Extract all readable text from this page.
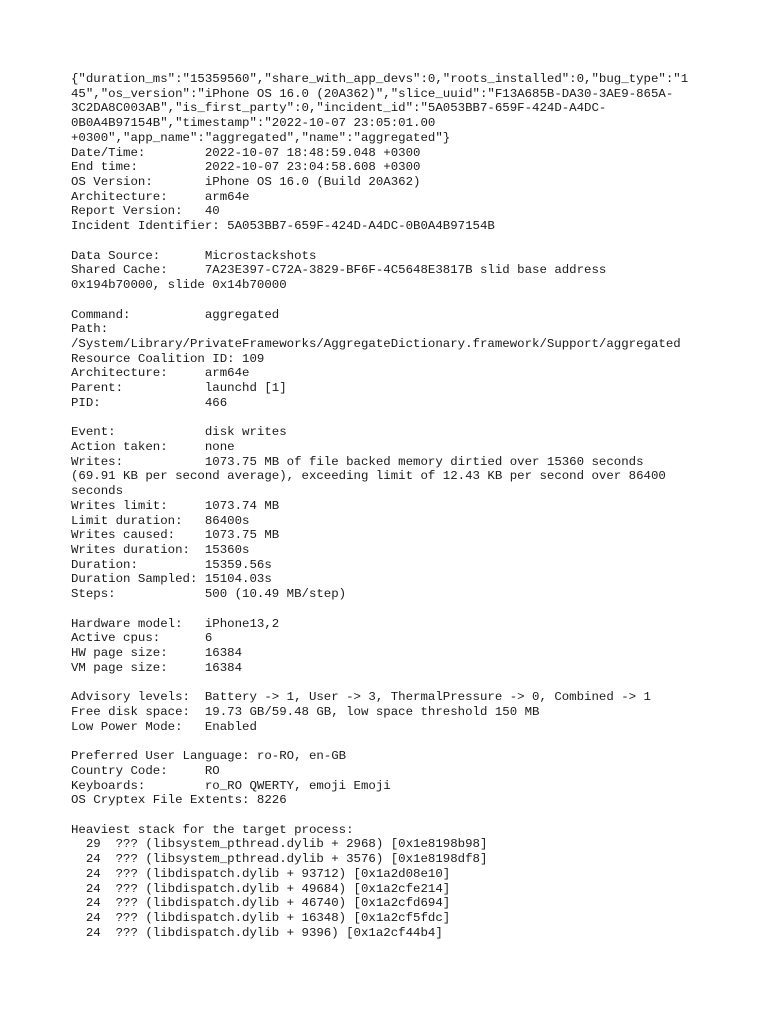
{"duration_ms":"15359560","share_with_app_devs":0,"roots_installed":0,"bug_type":"1
45","os_version":"iPhone OS 16.0 (20A362)","slice_uuid":"F13A685B-DA30-3AE9-865A-
3C2DA8C003AB","is_first_party":0,"incident_id":"5A053BB7-659F-424D-A4DC-
0B0A4B97154B","timestamp":"2022-10-07 23:05:01.00
+0300","app_name":"aggregated","name":"aggregated"}
Date/Time:        2022-10-07 18:48:59.048 +0300
End time:         2022-10-07 23:04:58.608 +0300
OS Version:       iPhone OS 16.0 (Build 20A362)
Architecture:     arm64e
Report Version:   40
Incident Identifier: 5A053BB7-659F-424D-A4DC-0B0A4B97154B

Data Source:      Microstackshots
Shared Cache:     7A23E397-C72A-3829-BF6F-4C5648E3817B slid base address
0x194b70000, slide 0x14b70000

Command:          aggregated
Path:
/System/Library/PrivateFrameworks/AggregateDictionary.framework/Support/aggregated
Resource Coalition ID: 109
Architecture:     arm64e
Parent:           launchd [1]
PID:              466

Event:            disk writes
Action taken:     none
Writes:           1073.75 MB of file backed memory dirtied over 15360 seconds
(69.91 KB per second average), exceeding limit of 12.43 KB per second over 86400
seconds
Writes limit:     1073.74 MB
Limit duration:   86400s
Writes caused:    1073.75 MB
Writes duration:  15360s
Duration:         15359.56s
Duration Sampled: 15104.03s
Steps:            500 (10.49 MB/step)

Hardware model:   iPhone13,2
Active cpus:      6
HW page size:     16384
VM page size:     16384

Advisory levels:  Battery -> 1, User -> 3, ThermalPressure -> 0, Combined -> 1
Free disk space:  19.73 GB/59.48 GB, low space threshold 150 MB
Low Power Mode:   Enabled

Preferred User Language: ro-RO, en-GB
Country Code:     RO
Keyboards:        ro_RO QWERTY, emoji Emoji
OS Cryptex File Extents: 8226

Heaviest stack for the target process:
29  ??? (libsystem_pthread.dylib + 2968) [0x1e8198b98]
24  ??? (libsystem_pthread.dylib + 3576) [0x1e8198df8]
24  ??? (libdispatch.dylib + 93712) [0x1a2d08e10]
24  ??? (libdispatch.dylib + 49684) [0x1a2cfe214]
24  ??? (libdispatch.dylib + 46740) [0x1a2cfd694]
24  ??? (libdispatch.dylib + 16348) [0x1a2cf5fdc]
24  ??? (libdispatch.dylib + 9396) [0x1a2cf44b4]
